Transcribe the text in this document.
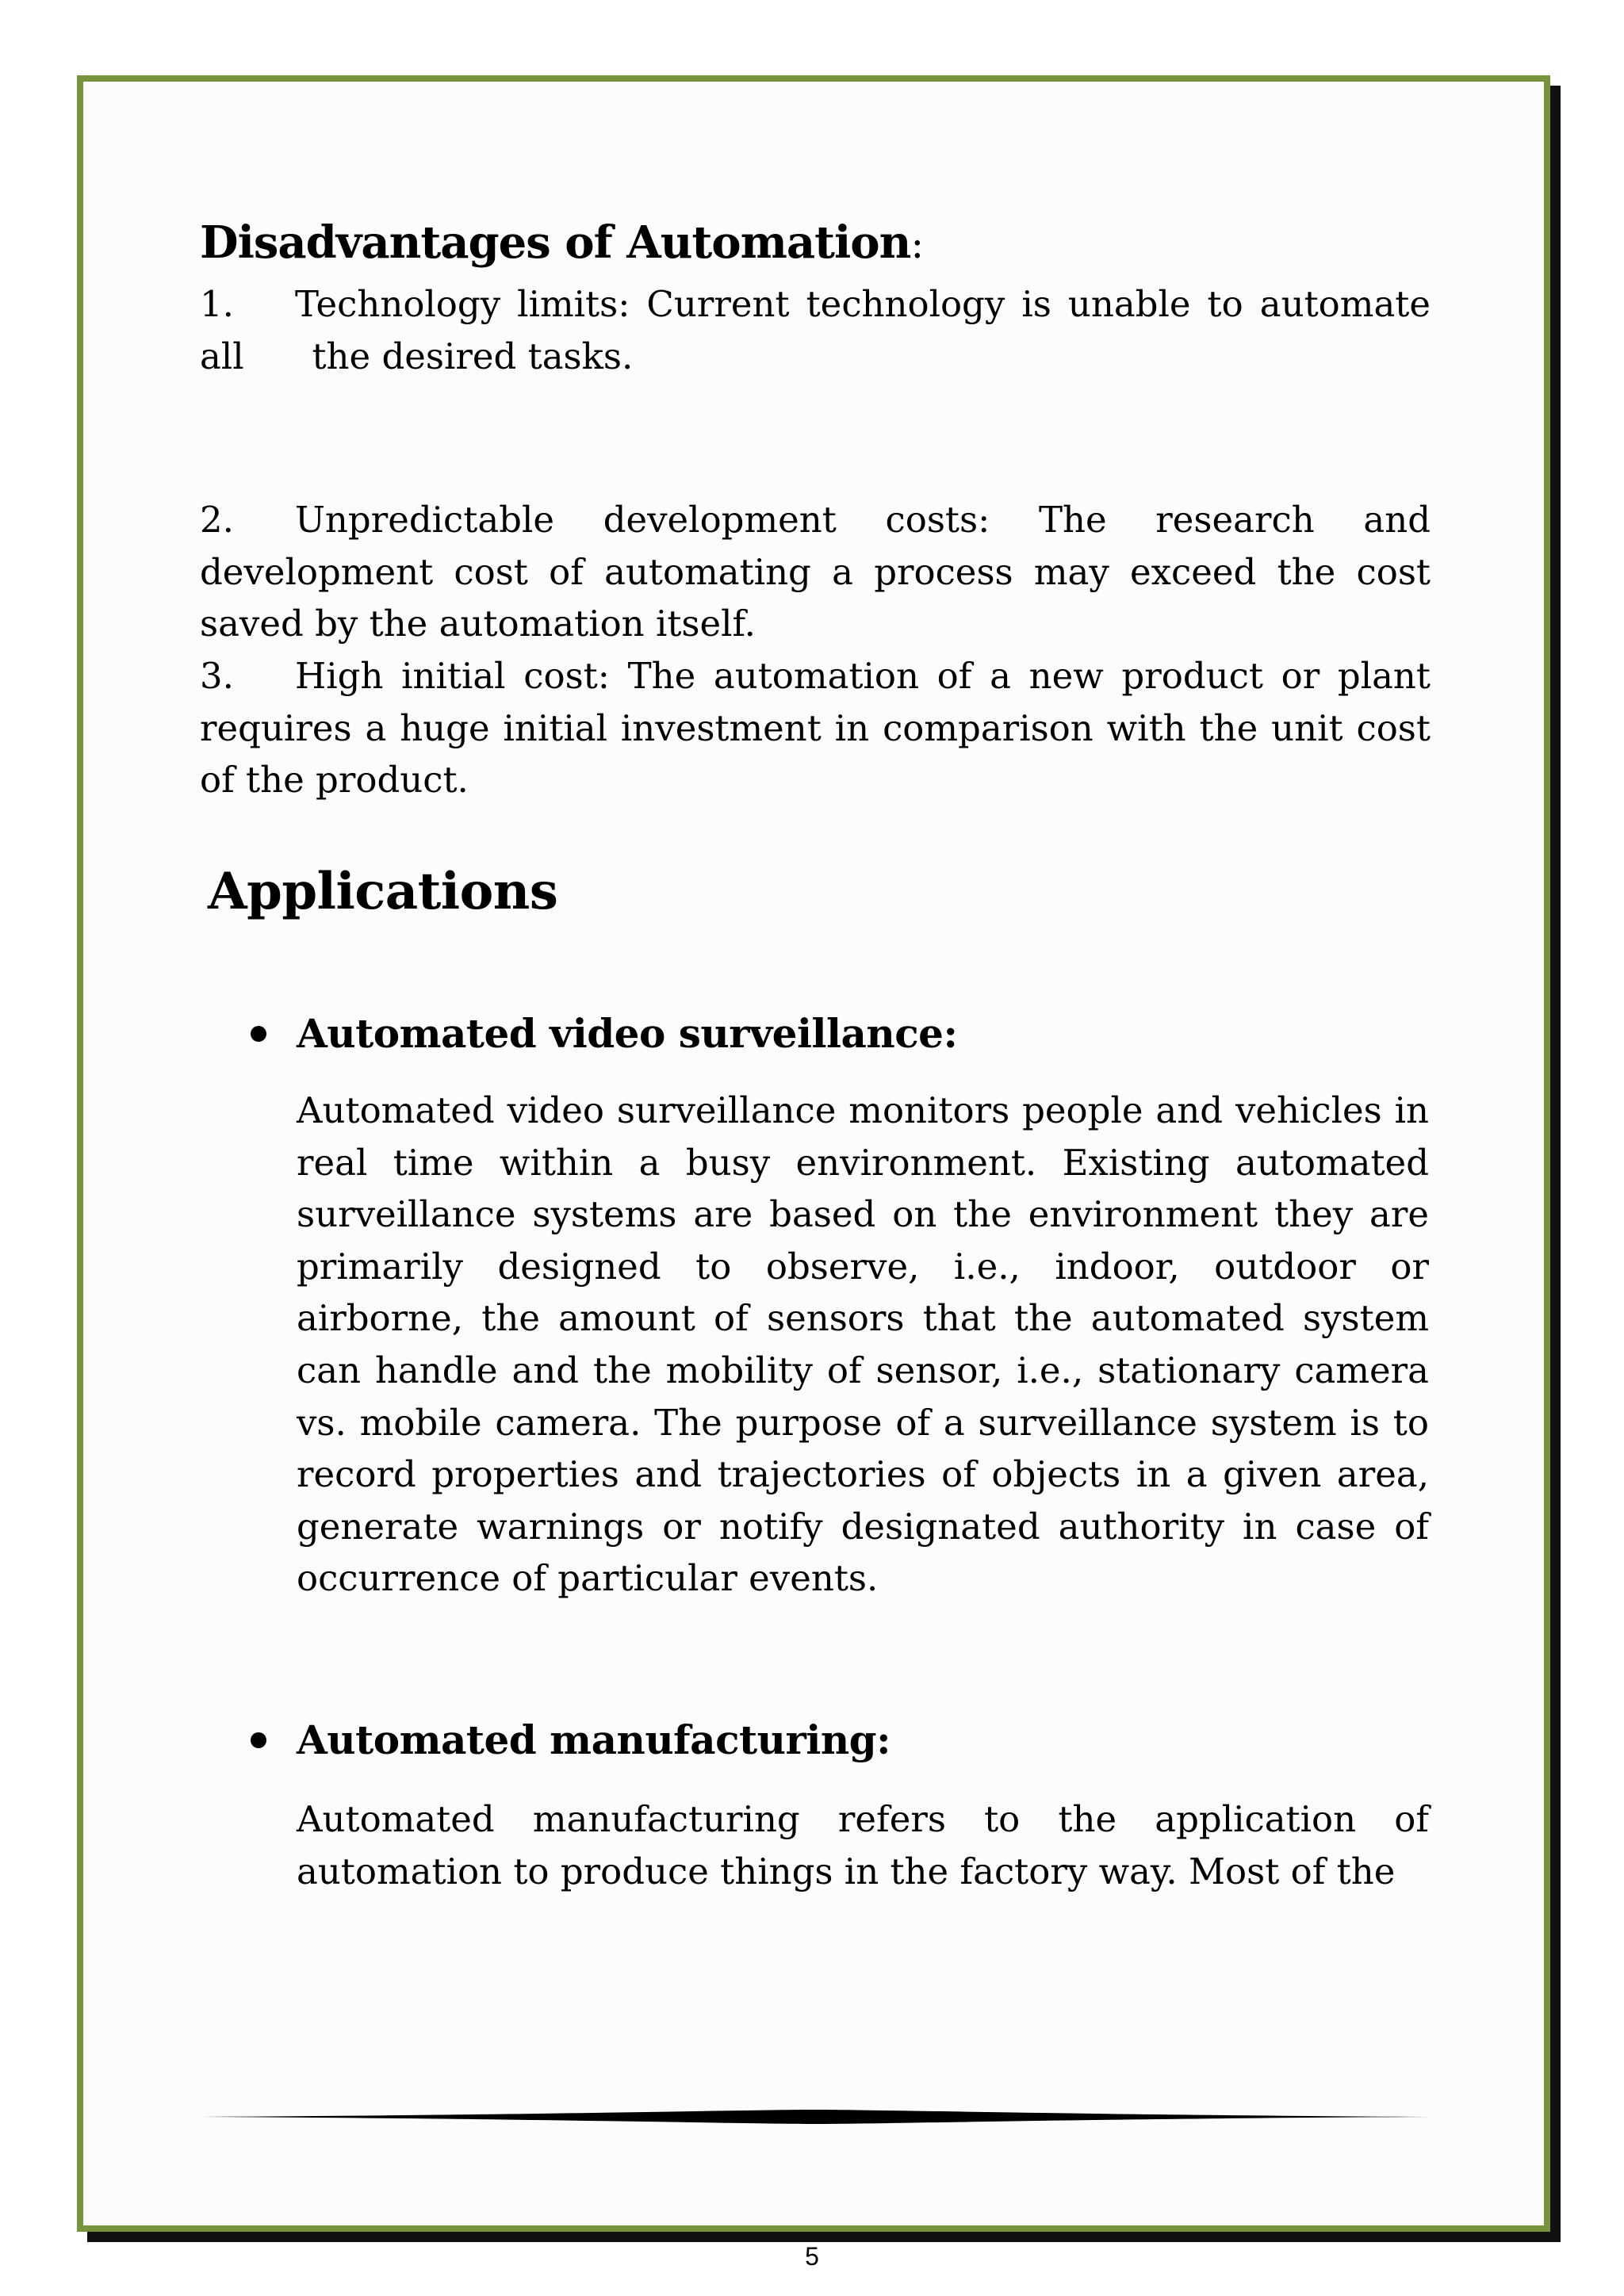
Disadvantages of Automation:
1.	Technology limits: Current technology is unable to automate
all      the desired tasks.
2.	Unpredictable development costs: The research and
development cost of automating a process may exceed the cost saved by the automation itself.
3.	High initial cost: The automation of a new product or plant
requires a huge initial investment in comparison with the unit cost of the product.
Applications
Automated video surveillance:
Automated video surveillance monitors people and vehicles in real time within a busy environment. Existing automated surveillance systems are based on the environment they are primarily designed to observe, i.e., indoor, outdoor or airborne, the amount of sensors that the automated system can handle and the mobility of sensor, i.e., stationary camera vs. mobile camera. The purpose of a surveillance system is to record properties and trajectories of objects in a given area, generate warnings or notify designated authority in case of occurrence of particular events.
Automated manufacturing:
Automated manufacturing refers to the application of automation to produce things in the factory way. Most of the
5
